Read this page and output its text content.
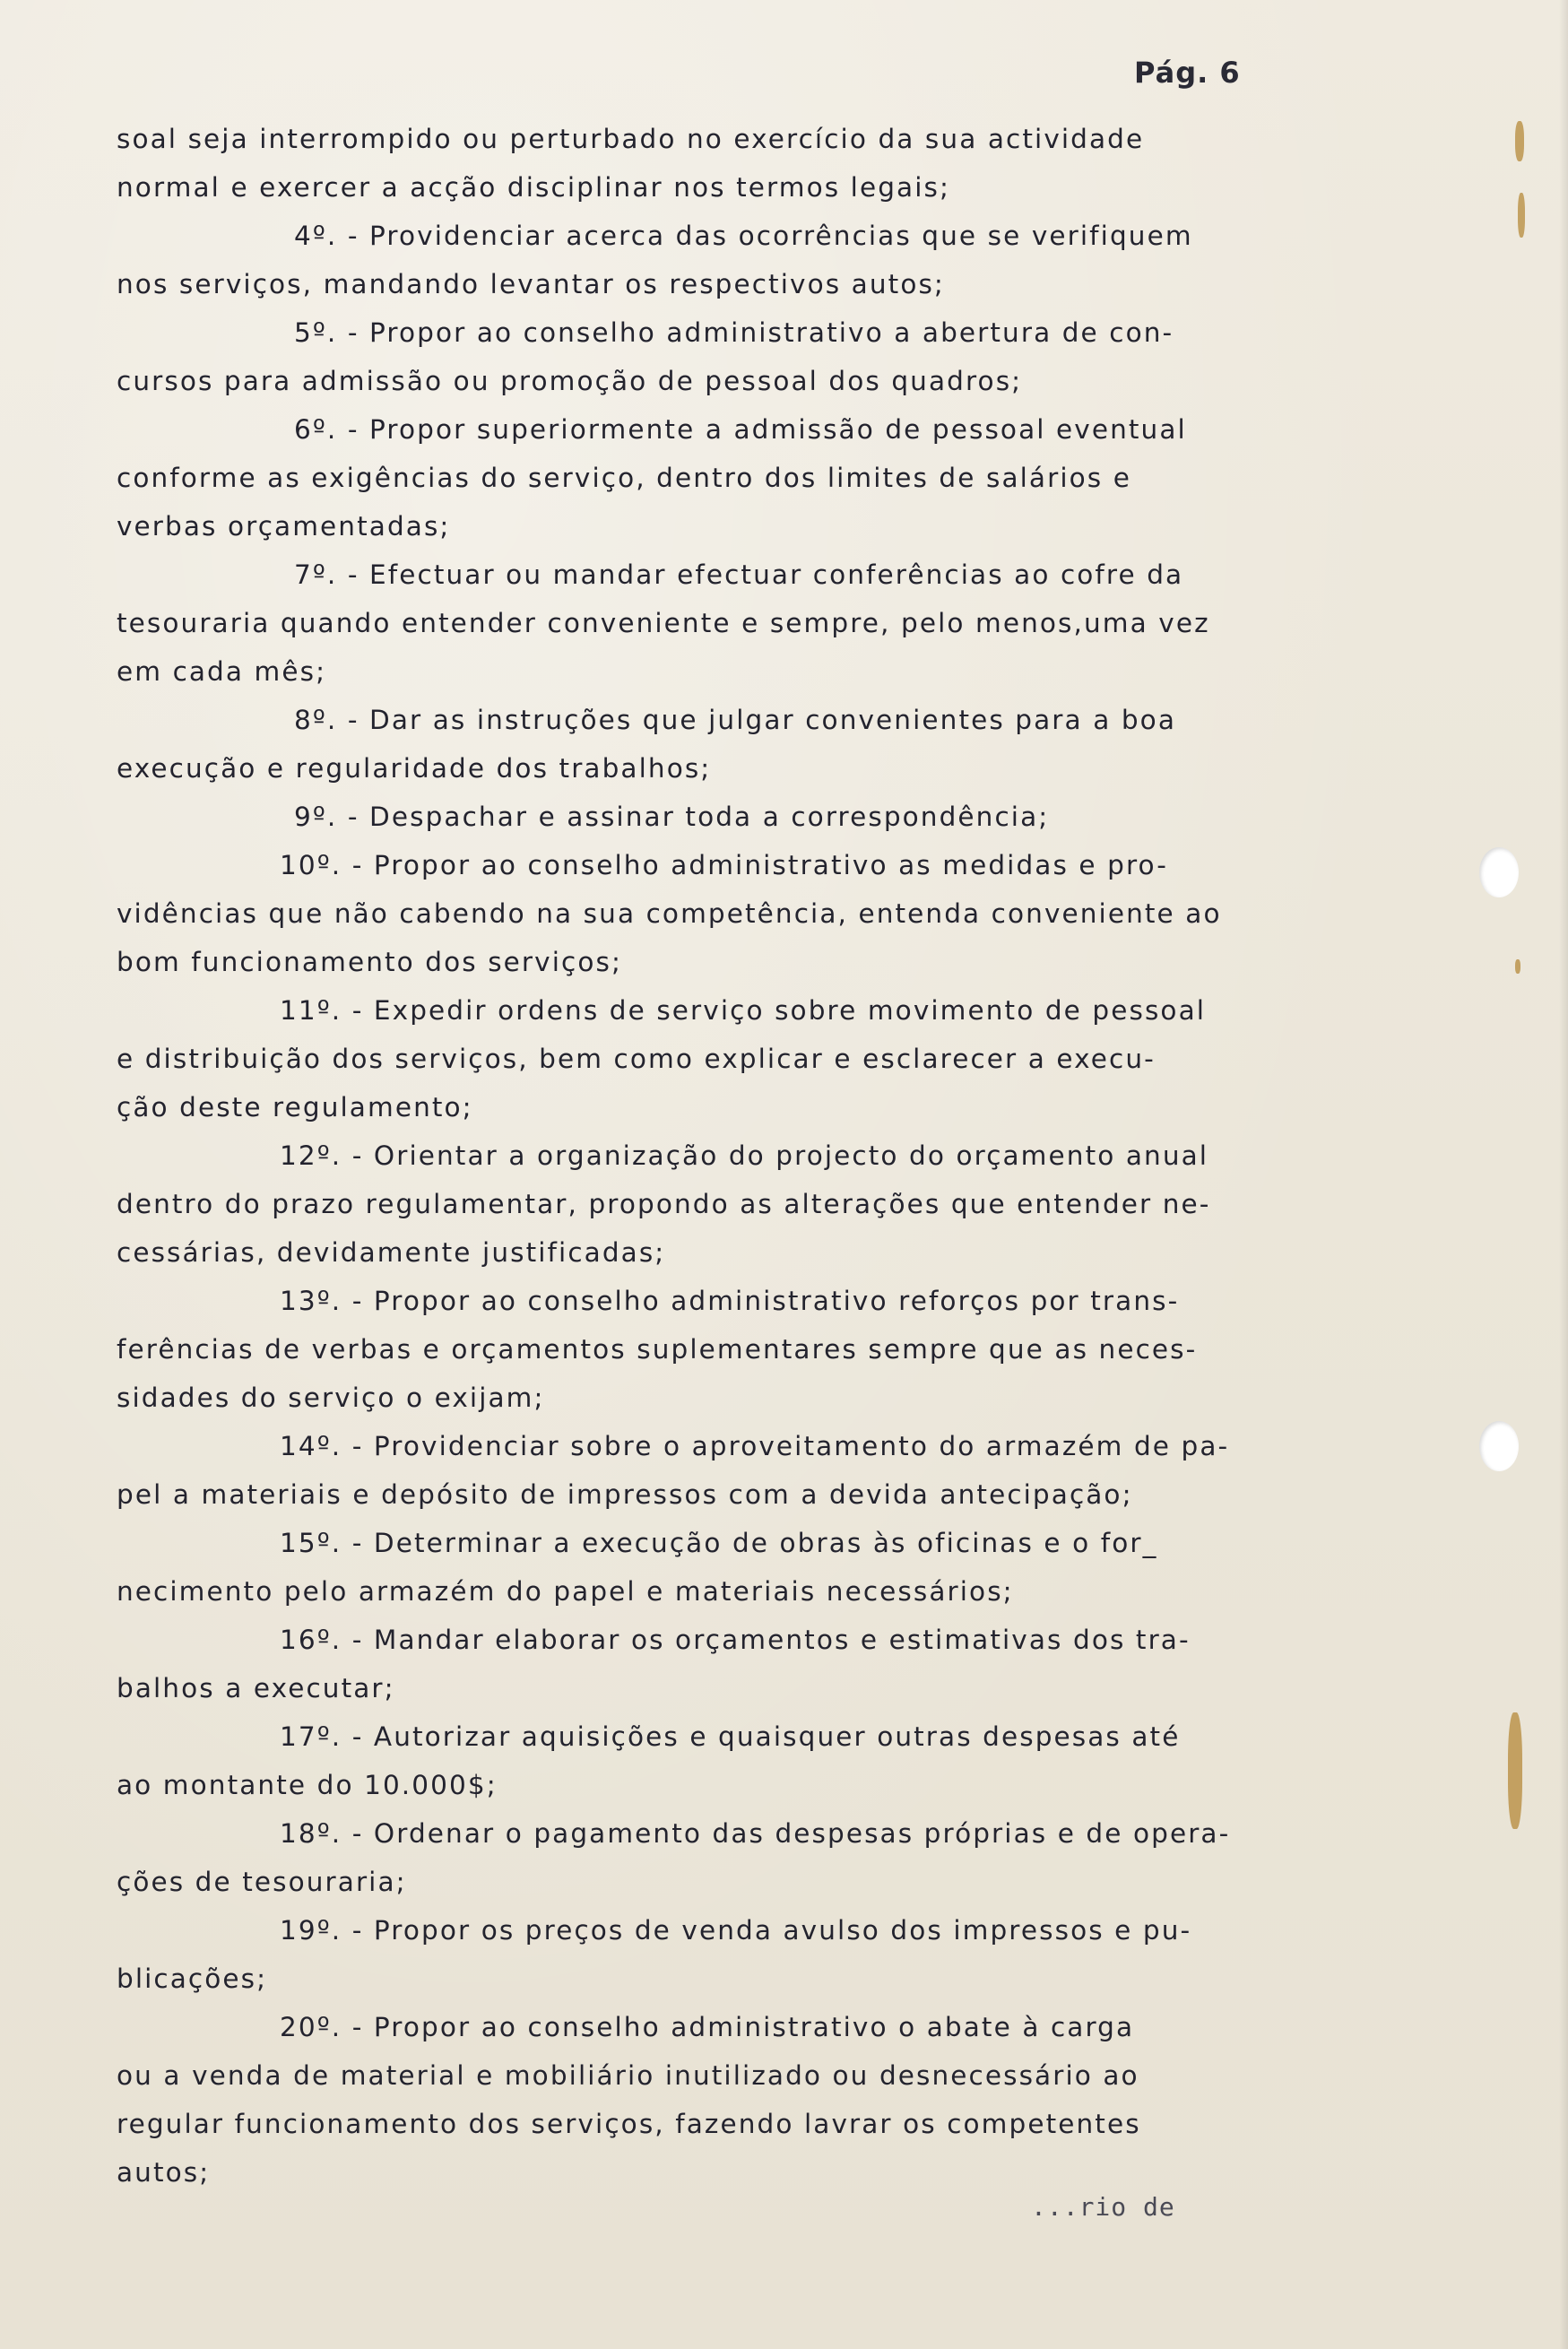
Pág. 6
soal seja interrompido ou perturbado no exercício da sua actividade
normal e exercer a acção disciplinar nos termos legais;
4º. - Providenciar acerca das ocorrências que se verifiquem
nos serviços, mandando levantar os respectivos autos;
5º. - Propor ao conselho administrativo a abertura de con-
cursos para admissão ou promoção de pessoal dos quadros;
6º. - Propor superiormente a admissão de pessoal eventual
conforme as exigências do serviço, dentro dos limites de salários e
verbas orçamentadas;
7º. - Efectuar ou mandar efectuar conferências ao cofre da
tesouraria quando entender conveniente e sempre, pelo menos,uma vez
em cada mês;
8º. - Dar as instruções que julgar convenientes para a boa
execução e regularidade dos trabalhos;
9º. - Despachar e assinar toda a correspondência;
10º. - Propor ao conselho administrativo as medidas e pro-
vidências que não cabendo na sua competência, entenda conveniente ao
bom funcionamento dos serviços;
11º. - Expedir ordens de serviço sobre movimento de pessoal
e distribuição dos serviços, bem como explicar e esclarecer a execu-
ção deste regulamento;
12º. - Orientar a organização do projecto do orçamento anual
dentro do prazo regulamentar, propondo as alterações que entender ne-
cessárias, devidamente justificadas;
13º. - Propor ao conselho administrativo reforços por trans-
ferências de verbas e orçamentos suplementares sempre que as neces-
sidades do serviço o exijam;
14º. - Providenciar sobre o aproveitamento do armazém de pa-
pel a materiais e depósito de impressos com a devida antecipação;
15º. - Determinar a execução de obras às oficinas e o for_
necimento pelo armazém do papel e materiais necessários;
16º. - Mandar elaborar os orçamentos e estimativas dos tra-
balhos a executar;
17º. - Autorizar aquisições e quaisquer outras despesas até
ao montante do 10.000$;
18º. - Ordenar o pagamento das despesas próprias e de opera-
ções de tesouraria;
19º. - Propor os preços de venda avulso dos impressos e pu-
blicações;
20º. - Propor ao conselho administrativo o abate à carga
ou a venda de material e mobiliário inutilizado ou desnecessário ao
regular funcionamento dos serviços, fazendo lavrar os competentes
autos;
...rio de
